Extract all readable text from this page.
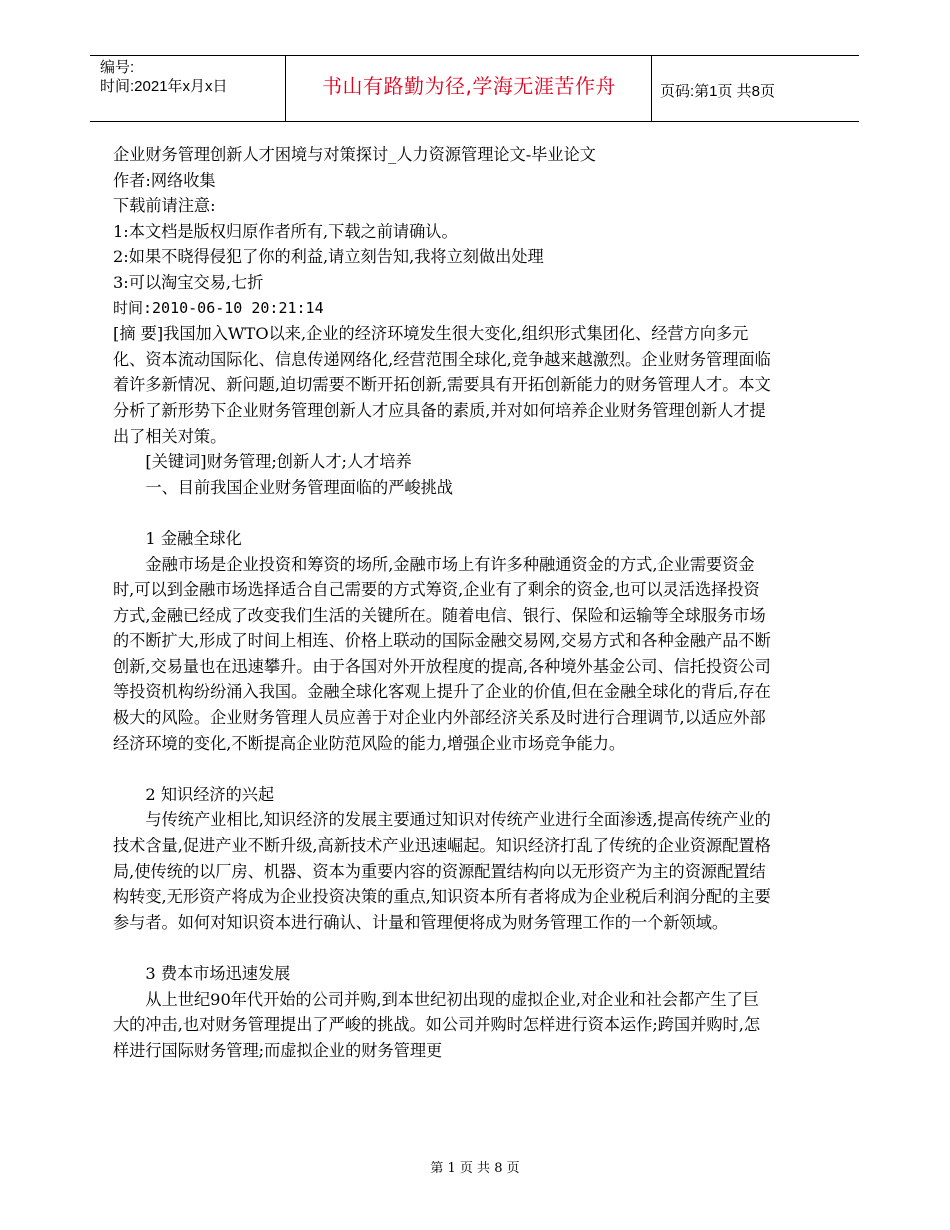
编号:
时间:2021年x月x日	书山有路勤为径,学海无涯苦作舟	页码:第1页 共8页

企业财务管理创新人才困境与对策探讨_人力资源管理论文-毕业论文

作者:网络收集

下载前请注意:

1:本文档是版权归原作者所有,下载之前请确认。

2:如果不晓得侵犯了你的利益,请立刻告知,我将立刻做出处理

3:可以淘宝交易,七折

时间:2010-06-10 20:21:14

[摘 要]我国加入WTO以来,企业的经济环境发生很大变化,组织形式集团化、经营方向多元化、资本流动国际化、信息传递网络化,经营范围全球化,竞争越来越激烈。企业财务管理面临着许多新情况、新问题,迫切需要不断开拓创新,需要具有开拓创新能力的财务管理人才。本文分析了新形势下企业财务管理创新人才应具备的素质,并对如何培养企业财务管理创新人才提出了相关对策。

[关键词]财务管理;创新人才;人才培养

一、目前我国企业财务管理面临的严峻挑战

1 金融全球化

金融市场是企业投资和筹资的场所,金融市场上有许多种融通资金的方式,企业需要资金时,可以到金融市场选择适合自己需要的方式筹资,企业有了剩余的资金,也可以灵活选择投资方式,金融已经成了改变我们生活的关键所在。随着电信、银行、保险和运输等全球服务市场的不断扩大,形成了时间上相连、价格上联动的国际金融交易网,交易方式和各种金融产品不断创新,交易量也在迅速攀升。由于各国对外开放程度的提高,各种境外基金公司、信托投资公司等投资机构纷纷涌入我国。金融全球化客观上提升了企业的价值,但在金融全球化的背后,存在极大的风险。企业财务管理人员应善于对企业内外部经济关系及时进行合理调节,以适应外部经济环境的变化,不断提高企业防范风险的能力,增强企业市场竞争能力。

2 知识经济的兴起

与传统产业相比,知识经济的发展主要通过知识对传统产业进行全面渗透,提高传统产业的技术含量,促进产业不断升级,高新技术产业迅速崛起。知识经济打乱了传统的企业资源配置格局,使传统的以厂房、机器、资本为重要内容的资源配置结构向以无形资产为主的资源配置结构转变,无形资产将成为企业投资决策的重点,知识资本所有者将成为企业税后利润分配的主要参与者。如何对知识资本进行确认、计量和管理便将成为财务管理工作的一个新领域。

3 费本市场迅速发展

从上世纪90年代开始的公司并购,到本世纪初出现的虚拟企业,对企业和社会都产生了巨大的冲击,也对财务管理提出了严峻的挑战。如公司并购时怎样进行资本运作;跨国并购时,怎样进行国际财务管理;而虚拟企业的财务管理更

第 1 页 共 8 页
